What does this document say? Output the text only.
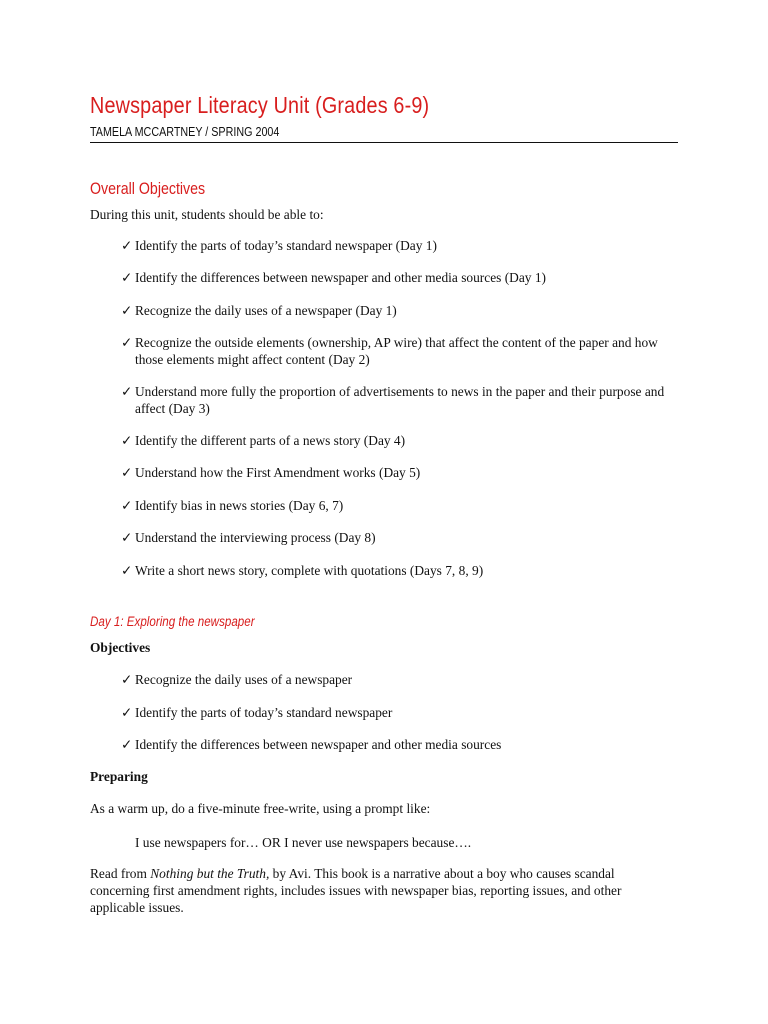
Newspaper Literacy Unit (Grades 6-9)
TAMELA MCCARTNEY / SPRING 2004
Overall Objectives
During this unit, students should be able to:
✓ Identify the parts of today’s standard newspaper (Day 1)
✓ Identify the differences between newspaper and other media sources (Day 1)
✓ Recognize the daily uses of a newspaper (Day 1)
✓ Recognize the outside elements (ownership, AP wire) that affect the content of the paper and how those elements might affect content (Day 2)
✓ Understand more fully the proportion of advertisements to news in the paper and their purpose and affect (Day 3)
✓ Identify the different parts of a news story (Day 4)
✓ Understand how the First Amendment works (Day 5)
✓ Identify bias in news stories (Day 6, 7)
✓ Understand the interviewing process (Day 8)
✓ Write a short news story, complete with quotations (Days 7, 8, 9)
Day 1: Exploring the newspaper
Objectives
✓ Recognize the daily uses of a newspaper
✓ Identify the parts of today’s standard newspaper
✓ Identify the differences between newspaper and other media sources
Preparing
As a warm up, do a five-minute free-write, using a prompt like:
I use newspapers for… OR I never use newspapers because….
Read from Nothing but the Truth, by Avi. This book is a narrative about a boy who causes scandal concerning first amendment rights, includes issues with newspaper bias, reporting issues, and other applicable issues.
